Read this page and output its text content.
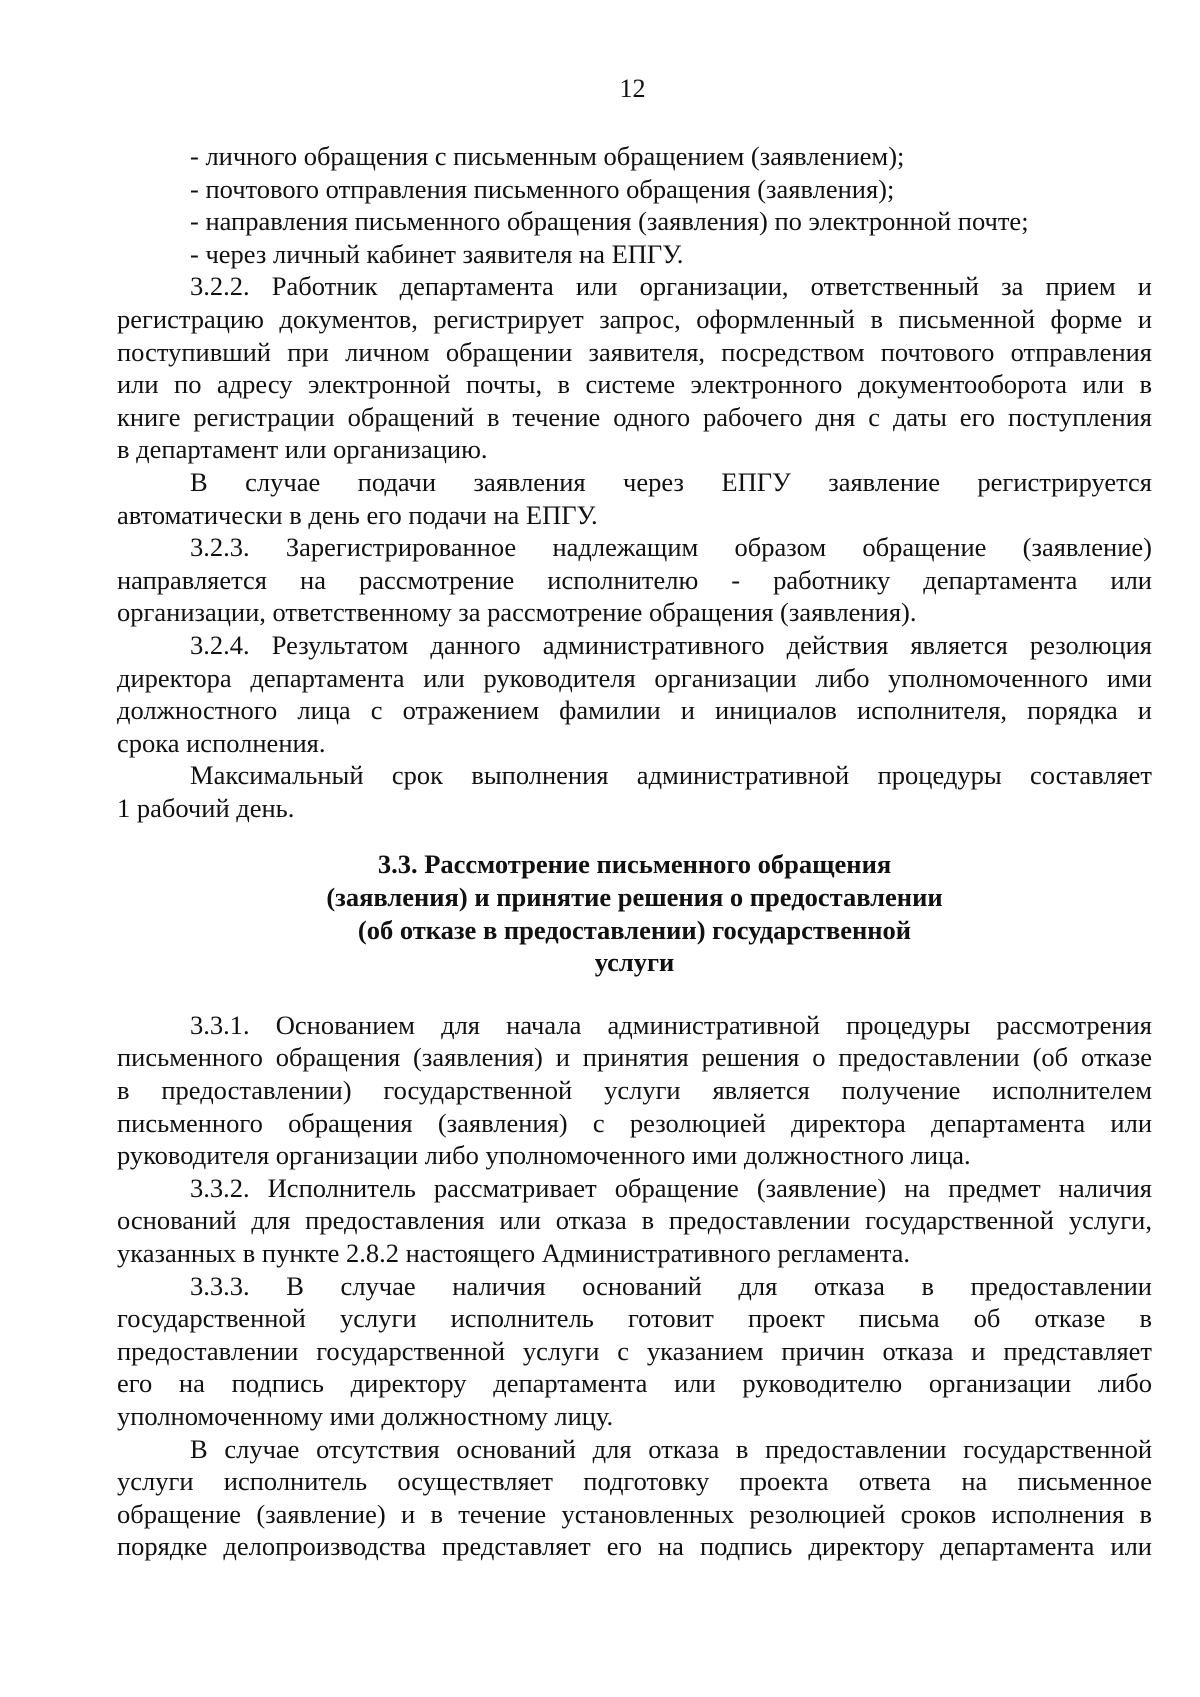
12
- личного обращения с письменным обращением (заявлением);
- почтового отправления письменного обращения (заявления);
- направления письменного обращения (заявления) по электронной почте;
- через личный кабинет заявителя на ЕПГУ.
3.2.2. Работник департамента или организации, ответственный за прием и
регистрацию документов, регистрирует запрос, оформленный в письменной форме и
поступивший при личном обращении заявителя, посредством почтового отправления
или по адресу электронной почты, в системе электронного документооборота или в
книге регистрации обращений в течение одного рабочего дня с даты его поступления
в департамент или организацию.
В случае подачи заявления через ЕПГУ заявление регистрируется
автоматически в день его подачи на ЕПГУ.
3.2.3. Зарегистрированное надлежащим образом обращение (заявление)
направляется на рассмотрение исполнителю - работнику департамента или
организации, ответственному за рассмотрение обращения (заявления).
3.2.4. Результатом данного административного действия является резолюция
директора департамента или руководителя организации либо уполномоченного ими
должностного лица с отражением фамилии и инициалов исполнителя, порядка и
срока исполнения.
Максимальный срок выполнения административной процедуры составляет
1 рабочий день.
3.3. Рассмотрение письменного обращения
(заявления) и принятие решения о предоставлении
(об отказе в предоставлении) государственной
услуги
3.3.1. Основанием для начала административной процедуры рассмотрения
письменного обращения (заявления) и принятия решения о предоставлении (об отказе
в предоставлении) государственной услуги является получение исполнителем
письменного обращения (заявления) с резолюцией директора департамента или
руководителя организации либо уполномоченного ими должностного лица.
3.3.2. Исполнитель рассматривает обращение (заявление) на предмет наличия
оснований для предоставления или отказа в предоставлении государственной услуги,
указанных в пункте 2.8.2 настоящего Административного регламента.
3.3.3. В случае наличия оснований для отказа в предоставлении
государственной услуги исполнитель готовит проект письма об отказе в
предоставлении государственной услуги с указанием причин отказа и представляет
его на подпись директору департамента или руководителю организации либо
уполномоченному ими должностному лицу.
В случае отсутствия оснований для отказа в предоставлении государственной
услуги исполнитель осуществляет подготовку проекта ответа на письменное
обращение (заявление) и в течение установленных резолюцией сроков исполнения в
порядке делопроизводства представляет его на подпись директору департамента или
